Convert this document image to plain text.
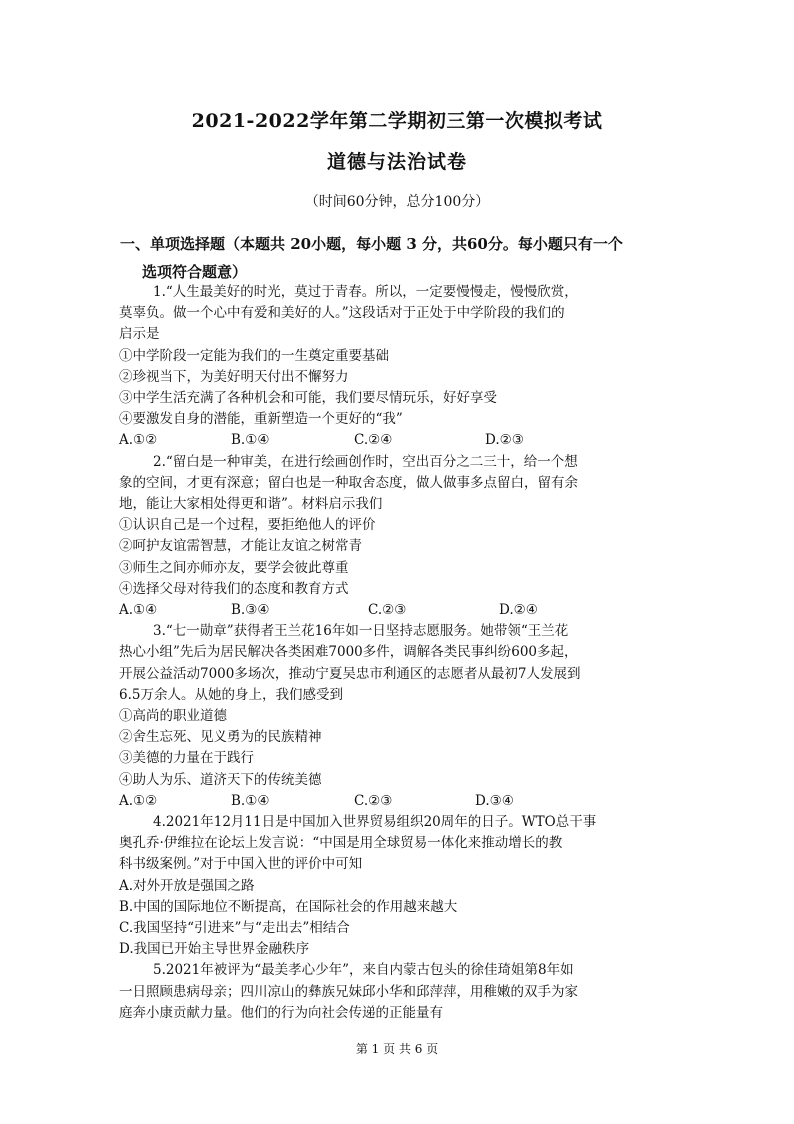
2021-2022学年第二学期初三第一次模拟考试
道德与法治试卷
（时间60分钟，总分100分）
一、单项选择题（本题共 20小题，每小题 3 分，共60分。每小题只有一个
选项符合题意）

1.“人生最美好的时光，莫过于青春。所以，一定要慢慢走，慢慢欣赏，

莫辜负。做一个心中有爱和美好的人。”这段话对于正处于中学阶段的我们的

启示是

①中学阶段一定能为我们的一生奠定重要基础

②珍视当下，为美好明天付出不懈努力

③中学生活充满了各种机会和可能，我们要尽情玩乐，好好享受

④要激发自身的潜能，重新塑造一个更好的“我”

A.①②	B.①④	C.②④	D.②③

2.“留白是一种审美，在进行绘画创作时，空出百分之二三十，给一个想

象的空间，才更有深意；留白也是一种取舍态度，做人做事多点留白，留有余

地，能让大家相处得更和谐”。材料启示我们

①认识自己是一个过程，要拒绝他人的评价

②呵护友谊需智慧，才能让友谊之树常青

③师生之间亦师亦友，要学会彼此尊重

④选择父母对待我们的态度和教育方式

A.①④	B.③④	C.②③	D.②④

3.“七一勋章”获得者王兰花16年如一日坚持志愿服务。她带领“王兰花

热心小组”先后为居民解决各类困难7000多件，调解各类民事纠纷600多起，

开展公益活动7000多场次，推动宁夏吴忠市利通区的志愿者从最初7人发展到

6.5万余人。从她的身上，我们感受到

①高尚的职业道德

②舍生忘死、见义勇为的民族精神

③美德的力量在于践行

④助人为乐、道济天下的传统美德

A.①②	B.①④	C.②③	D.③④

4.2021年12月11日是中国加入世界贸易组织20周年的日子。WTO总干事

奥孔乔·伊维拉在论坛上发言说：“中国是用全球贸易一体化来推动增长的教

科书级案例。”对于中国入世的评价中可知

A.对外开放是强国之路

B.中国的国际地位不断提高，在国际社会的作用越来越大

C.我国坚持“引进来”与“走出去”相结合

D.我国已开始主导世界金融秩序

5.2021年被评为“最美孝心少年”，来自内蒙古包头的徐佳琦姐第8年如

一日照顾患病母亲；四川凉山的彝族兄妹邱小华和邱萍萍，用稚嫩的双手为家

庭奔小康贡献力量。他们的行为向社会传递的正能量有

第 1 页 共 6 页
